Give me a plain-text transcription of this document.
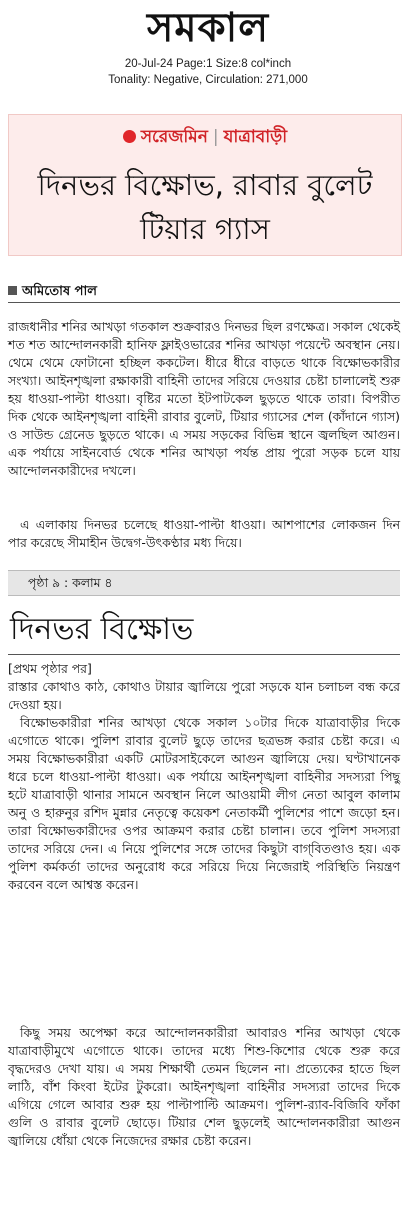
সমকাল
20-Jul-24 Page:1 Size:8 col*inch
Tonality: Negative, Circulation: 271,000
সরেজমিন | যাত্রাবাড়ী
দিনভর বিক্ষোভ, রাবার বুলেট টিয়ার গ্যাস
অমিতোষ পাল
রাজধানীর শনির আখড়া গতকাল শুক্রবারও দিনভর ছিল রণক্ষেত্র। সকাল থেকেই শত শত আন্দোলনকারী হানিফ ফ্লাইওভারের শনির আখড়া পয়েন্টে অবস্থান নেয়। থেমে থেমে ফোটানো হচ্ছিল ককটেল। ধীরে ধীরে বাড়তে থাকে বিক্ষোভকারীর সংখ্যা। আইনশৃঙ্খলা রক্ষাকারী বাহিনী তাদের সরিয়ে দেওয়ার চেষ্টা চালালেই শুরু হয় ধাওয়া-পাল্টা ধাওয়া। বৃষ্টির মতো ইটপাটকেল ছুড়তে থাকে তারা। বিপরীত দিক থেকে আইনশৃঙ্খলা বাহিনী রাবার বুলেট, টিয়ার গ্যাসের শেল (কাঁদানে গ্যাস) ও সাউন্ড গ্রেনেড ছুড়তে থাকে। এ সময় সড়কের বিভিন্ন স্থানে জ্বলছিল আগুন। এক পর্যায়ে সাইনবোর্ড থেকে শনির আখড়া পর্যন্ত প্রায় পুরো সড়ক চলে যায় আন্দোলনকারীদের দখলে।
এ এলাকায় দিনভর চলেছে ধাওয়া-পাল্টা ধাওয়া। আশপাশের লোকজন দিন পার করেছে সীমাহীন উদ্বেগ-উৎকণ্ঠার মধ্য দিয়ে।
পৃষ্ঠা ৯ : কলাম ৪
দিনভর বিক্ষোভ
[প্রথম পৃষ্ঠার পর]
রাস্তার কোথাও কাঠ, কোথাও টায়ার জ্বালিয়ে পুরো সড়কে যান চলাচল বন্ধ করে দেওয়া হয়।
বিক্ষোভকারীরা শনির আখড়া থেকে সকাল ১০টার দিকে যাত্রাবাড়ীর দিকে এগোতে থাকে। পুলিশ রাবার বুলেট ছুড়ে তাদের ছত্রভঙ্গ করার চেষ্টা করে। এ সময় বিক্ষোভকারীরা একটি মোটরসাইকেলে আগুন জ্বালিয়ে দেয়। ঘণ্টাখানেক ধরে চলে ধাওয়া-পাল্টা ধাওয়া। এক পর্যায়ে আইনশৃঙ্খলা বাহিনীর সদস্যরা পিছু হটে যাত্রাবাড়ী থানার সামনে অবস্থান নিলে আওয়ামী লীগ নেতা আবুল কালাম অনু ও হারুনুর রশিদ মুন্নার নেতৃত্বে কয়েকশ নেতাকর্মী পুলিশের পাশে জড়ো হন। তারা বিক্ষোভকারীদের ওপর আক্রমণ করার চেষ্টা চালান। তবে পুলিশ সদস্যরা তাদের সরিয়ে দেন। এ নিয়ে পুলিশের সঙ্গে তাদের কিছুটা বাগ্‌বিতণ্ডাও হয়। এক পুলিশ কর্মকর্তা তাদের অনুরোধ করে সরিয়ে দিয়ে নিজেরাই পরিস্থিতি নিয়ন্ত্রণ করবেন বলে আশ্বস্ত করেন।
কিছু সময় অপেক্ষা করে আন্দোলনকারীরা আবারও শনির আখড়া থেকে যাত্রাবাড়ীমুখে এগোতে থাকে। তাদের মধ্যে শিশু-কিশোর থেকে শুরু করে বৃদ্ধদেরও দেখা যায়। এ সময় শিক্ষার্থী তেমন ছিলেন না। প্রত্যেকের হাতে ছিল লাঠি, বাঁশ কিংবা ইটের টুকরো। আইনশৃঙ্খলা বাহিনীর সদস্যরা তাদের দিকে এগিয়ে গেলে আবার শুরু হয় পাল্টাপাল্টি আক্রমণ। পুলিশ-র‍্যাব-বিজিবি ফাঁকা গুলি ও রাবার বুলেট ছোড়ে। টিয়ার শেল ছুড়লেই আন্দোলনকারীরা আগুন জ্বালিয়ে ধোঁয়া থেকে নিজেদের রক্ষার চেষ্টা করেন।
